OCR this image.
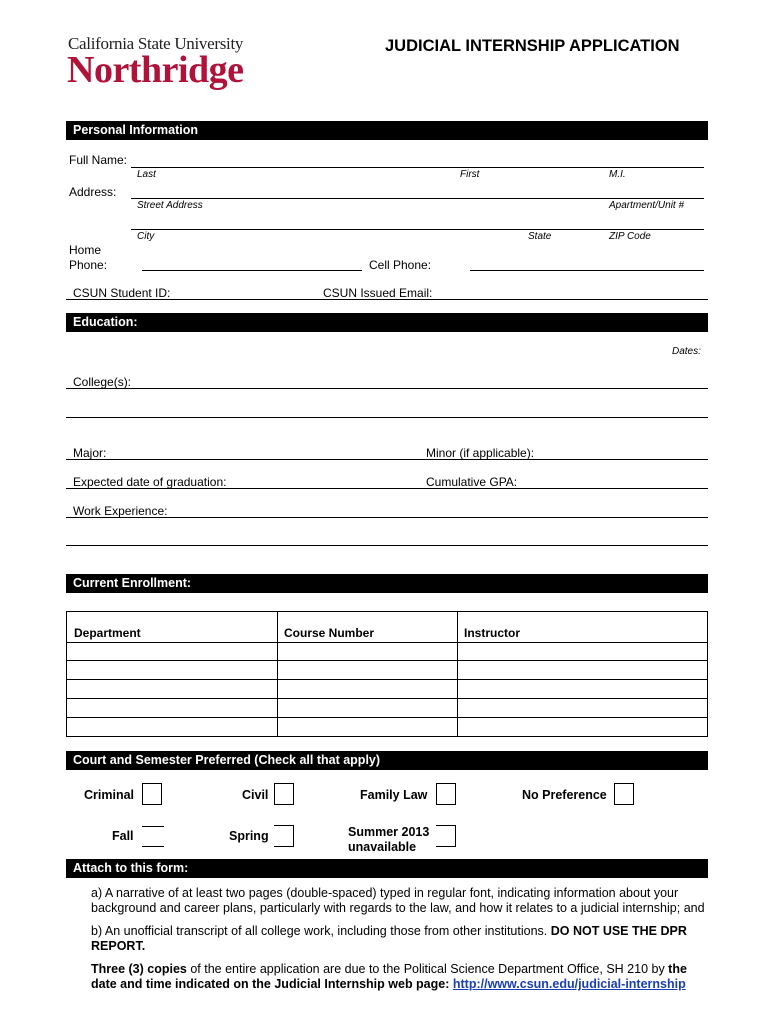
California State University
Northridge
JUDICIAL INTERNSHIP APPLICATION
Personal Information
Full Name:
Last	First	M.I.
Address:
Street Address	Apartment/Unit #
City	State	ZIP Code
Home
Phone:	Cell Phone:
CSUN Student ID:	CSUN Issued Email:
Education:
Dates:
College(s):
Major:	Minor (if applicable):
Expected date of graduation:	Cumulative GPA:
Work Experience:
Current Enrollment:
Department	Course Number	Instructor
Court and Semester Preferred (Check all that apply)
Criminal	Civil	Family Law	No Preference
Fall	Spring	Summer 2013
unavailable
Attach to this form:
a) A narrative of at least two pages (double-spaced) typed in regular font, indicating information about your background and career plans, particularly with regards to the law, and how it relates to a judicial internship; and
b) An unofficial transcript of all college work, including those from other institutions. DO NOT USE THE DPR REPORT.
Three (3) copies of the entire application are due to the Political Science Department Office, SH 210 by the date and time indicated on the Judicial Internship web page: http://www.csun.edu/judicial-internship
